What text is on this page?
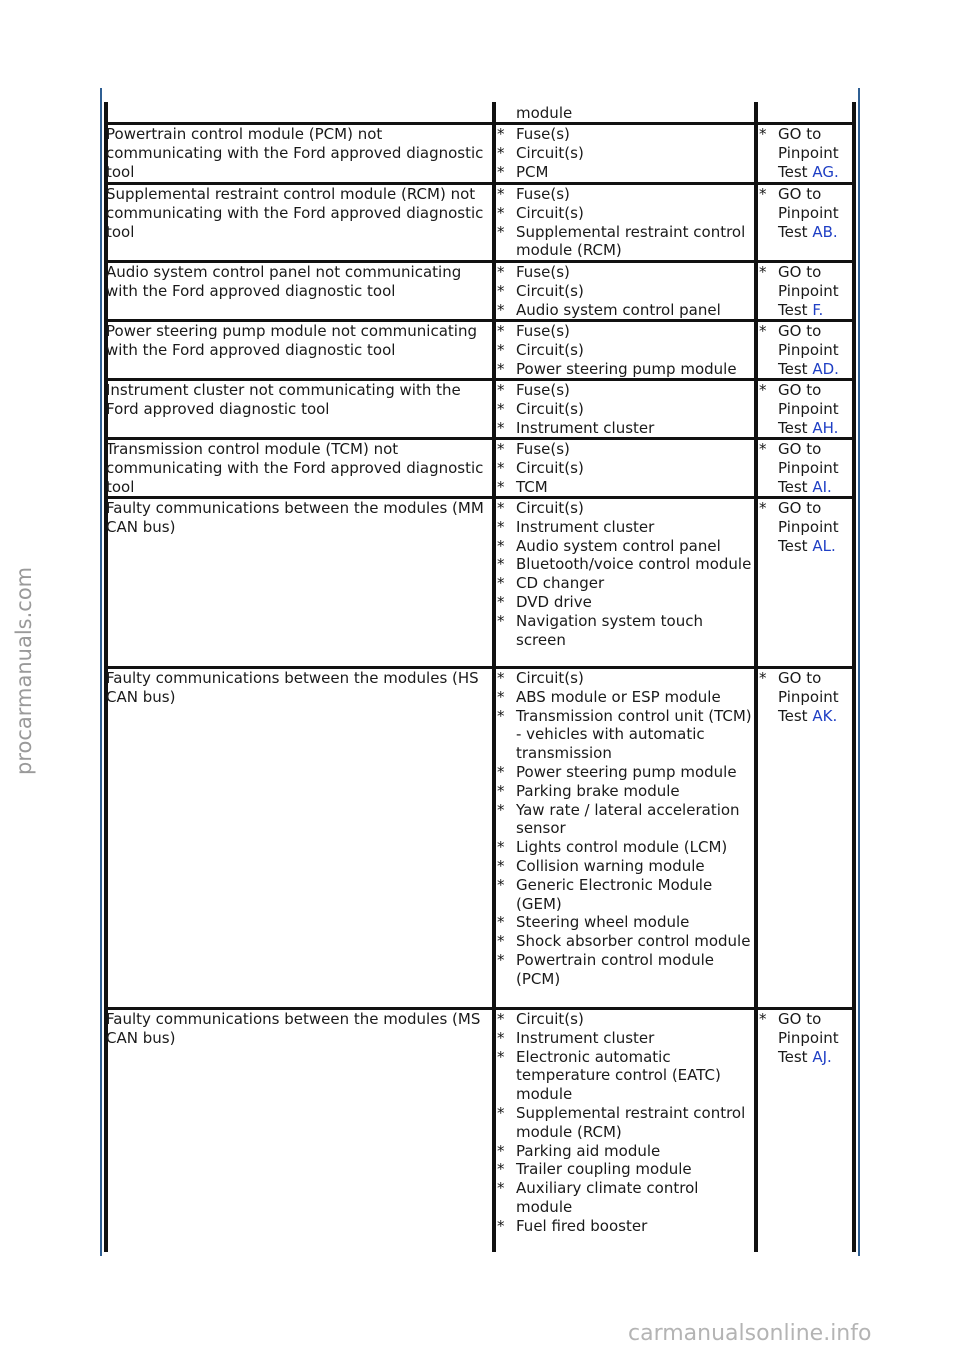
module
Powertrain control module (PCM) not communicating with the Ford approved diagnostic tool
* Fuse(s)
* Circuit(s)
* PCM
* GO to Pinpoint Test AG.
Supplemental restraint control module (RCM) not communicating with the Ford approved diagnostic tool
* Fuse(s)
* Circuit(s)
* Supplemental restraint control module (RCM)
* GO to Pinpoint Test AB.
Audio system control panel not communicating with the Ford approved diagnostic tool
* Fuse(s)
* Circuit(s)
* Audio system control panel
* GO to Pinpoint Test F.
Power steering pump module not communicating with the Ford approved diagnostic tool
* Fuse(s)
* Circuit(s)
* Power steering pump module
* GO to Pinpoint Test AD.
Instrument cluster not communicating with the Ford approved diagnostic tool
* Fuse(s)
* Circuit(s)
* Instrument cluster
* GO to Pinpoint Test AH.
Transmission control module (TCM) not communicating with the Ford approved diagnostic tool
* Fuse(s)
* Circuit(s)
* TCM
* GO to Pinpoint Test AI.
Faulty communications between the modules (MM CAN bus)
* Circuit(s)
* Instrument cluster
* Audio system control panel
* Bluetooth/voice control module
* CD changer
* DVD drive
* Navigation system touch screen
* GO to Pinpoint Test AL.
Faulty communications between the modules (HS CAN bus)
* Circuit(s)
* ABS module or ESP module
* Transmission control unit (TCM) - vehicles with automatic transmission
* Power steering pump module
* Parking brake module
* Yaw rate / lateral acceleration sensor
* Lights control module (LCM)
* Collision warning module
* Generic Electronic Module (GEM)
* Steering wheel module
* Shock absorber control module
* Powertrain control module (PCM)
* GO to Pinpoint Test AK.
Faulty communications between the modules (MS CAN bus)
* Circuit(s)
* Instrument cluster
* Electronic automatic temperature control (EATC) module
* Supplemental restraint control module (RCM)
* Parking aid module
* Trailer coupling module
* Auxiliary climate control module
* Fuel fired booster
* GO to Pinpoint Test AJ.
procarmanuals.com
carmanualsonline.info
